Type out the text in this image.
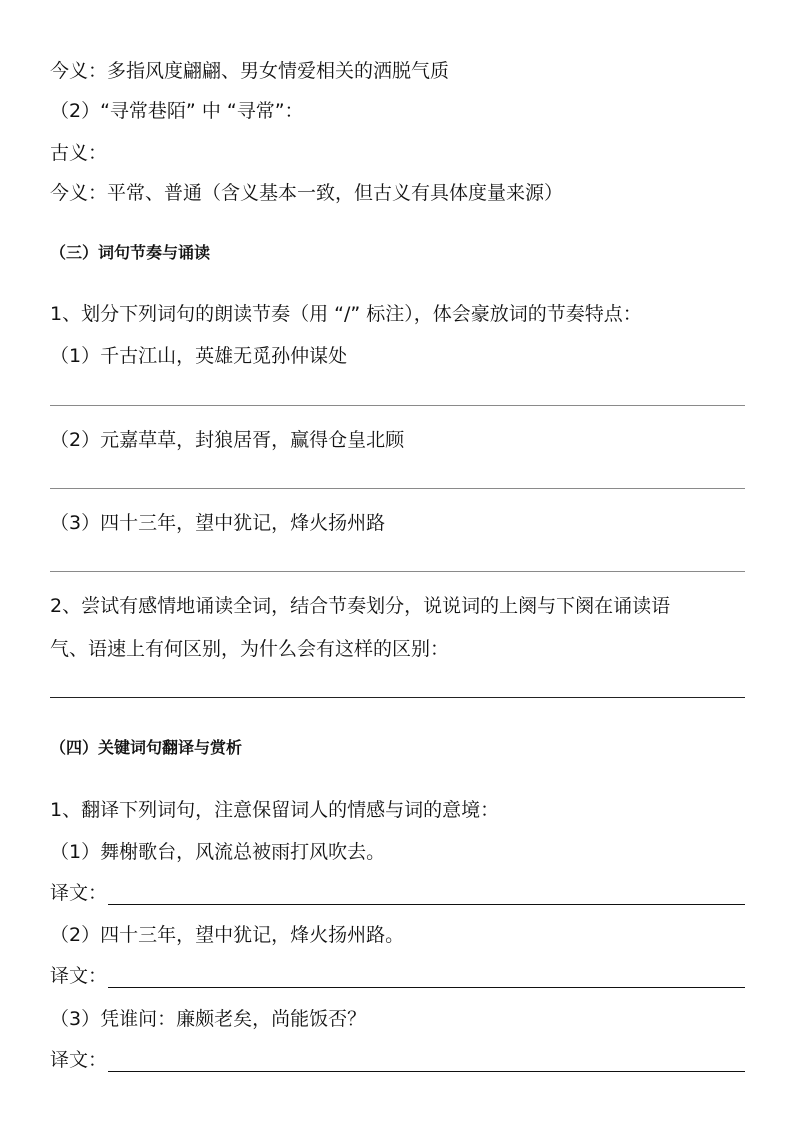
今义：多指风度翩翩、男女情爱相关的洒脱气质
（2）“寻常巷陌” 中 “寻常”：
古义：
今义：平常、普通（含义基本一致，但古义有具体度量来源）
（三）词句节奏与诵读
1、划分下列词句的朗读节奏（用 “/” 标注），体会豪放词的节奏特点：
（1）千古江山，英雄无觅孙仲谋处
（2）元嘉草草，封狼居胥，赢得仓皇北顾
（3）四十三年，望中犹记，烽火扬州路
2、尝试有感情地诵读全词，结合节奏划分，说说词的上阕与下阕在诵读语
气、语速上有何区别，为什么会有这样的区别：
（四）关键词句翻译与赏析
1、翻译下列词句，注意保留词人的情感与词的意境：
（1）舞榭歌台，风流总被雨打风吹去。
译文：
（2）四十三年，望中犹记，烽火扬州路。
译文：
（3）凭谁问：廉颇老矣，尚能饭否？
译文：
